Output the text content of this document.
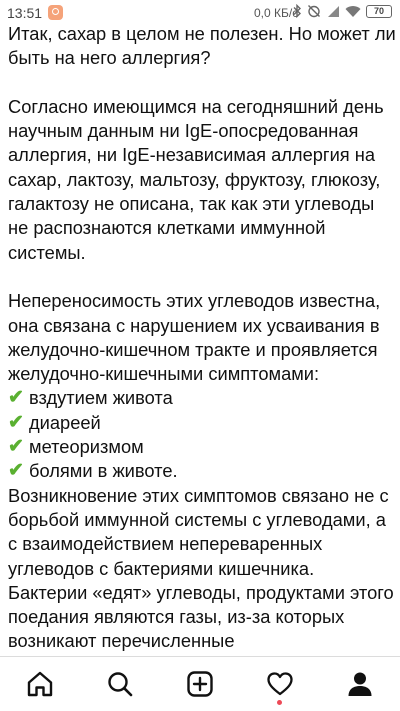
13:51	0,0 КБ/с	70

Итак, сахар в целом не полезен. Но может ли быть на него аллергия?

Согласно имеющимся на сегодняшний день научным данным ни IgE-опосредованная аллергия, ни IgE-независимая аллергия на сахар, лактозу, мальтозу, фруктозу, глюкозу, галактозу не описана, так как эти углеводы не распознаются клетками иммунной системы.

Непереносимость этих углеводов известна, она связана с нарушением их усваивания в желудочно-кишечном тракте и проявляется желудочно-кишечными симптомами:

✔ вздутием живота
✔ диареей
✔ метеоризмом
✔ болями в животе.

Возникновение этих симптомов связано не с борьбой иммунной системы с углеводами, а с взаимодействием непереваренных углеводов с бактериями кишечника. Бактерии «едят» углеводы, продуктами этого поедания являются газы, из-за которых возникают перечисленные
